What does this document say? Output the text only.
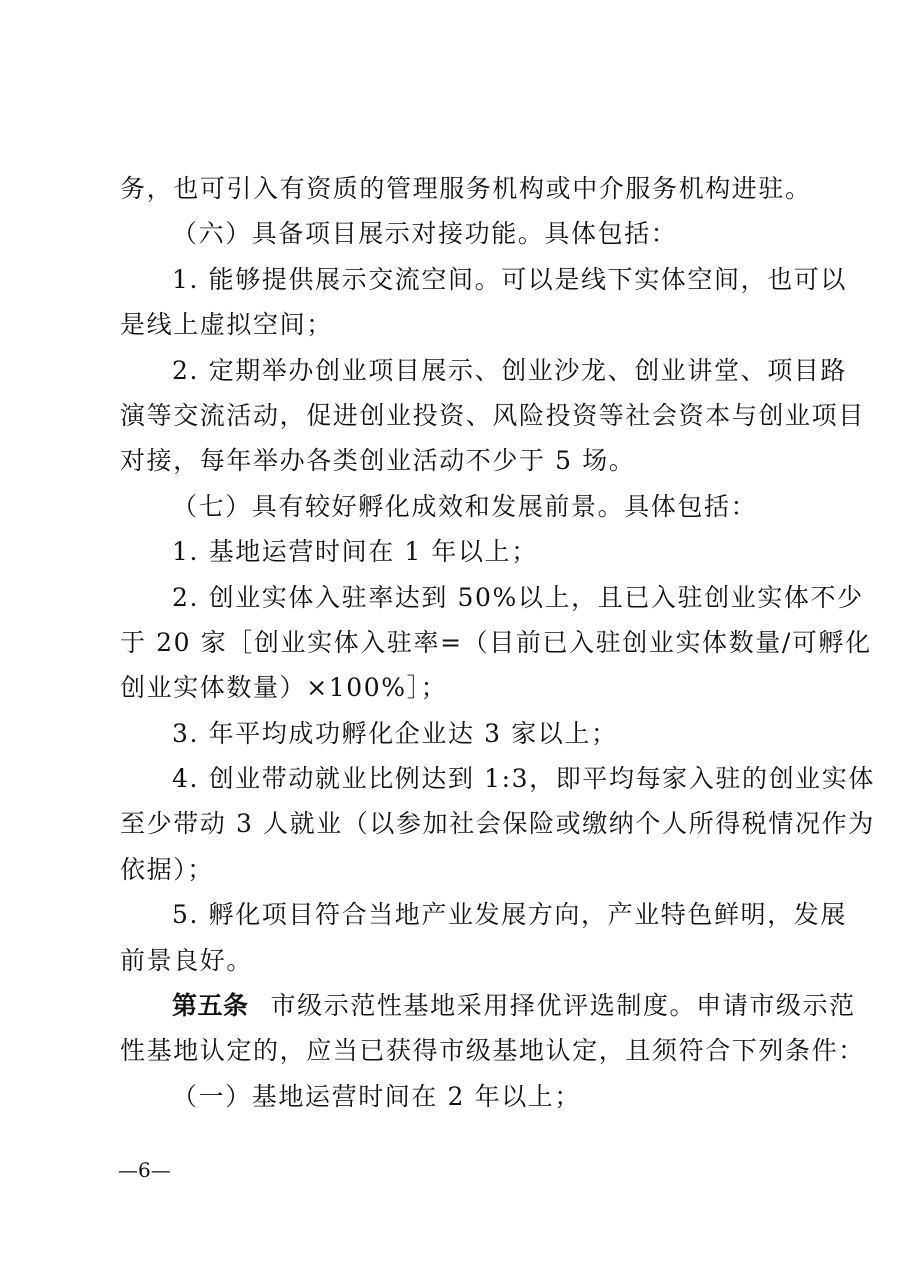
务，也可引入有资质的管理服务机构或中介服务机构进驻。
（六）具备项目展示对接功能。具体包括：
1. 能够提供展示交流空间。可以是线下实体空间，也可以
是线上虚拟空间；
2. 定期举办创业项目展示、创业沙龙、创业讲堂、项目路
演等交流活动，促进创业投资、风险投资等社会资本与创业项目
对接，每年举办各类创业活动不少于 5 场。
（七）具有较好孵化成效和发展前景。具体包括：
1. 基地运营时间在 1 年以上；
2. 创业实体入驻率达到 50%以上，且已入驻创业实体不少
于 20 家［创业实体入驻率=（目前已入驻创业实体数量/可孵化
创业实体数量）×100%］；
3. 年平均成功孵化企业达 3 家以上；
4. 创业带动就业比例达到 1:3，即平均每家入驻的创业实体
至少带动 3 人就业（以参加社会保险或缴纳个人所得税情况作为
依据）；
5. 孵化项目符合当地产业发展方向，产业特色鲜明，发展
前景良好。
第五条 市级示范性基地采用择优评选制度。申请市级示范
性基地认定的，应当已获得市级基地认定，且须符合下列条件：
（一）基地运营时间在 2 年以上；
—6—
